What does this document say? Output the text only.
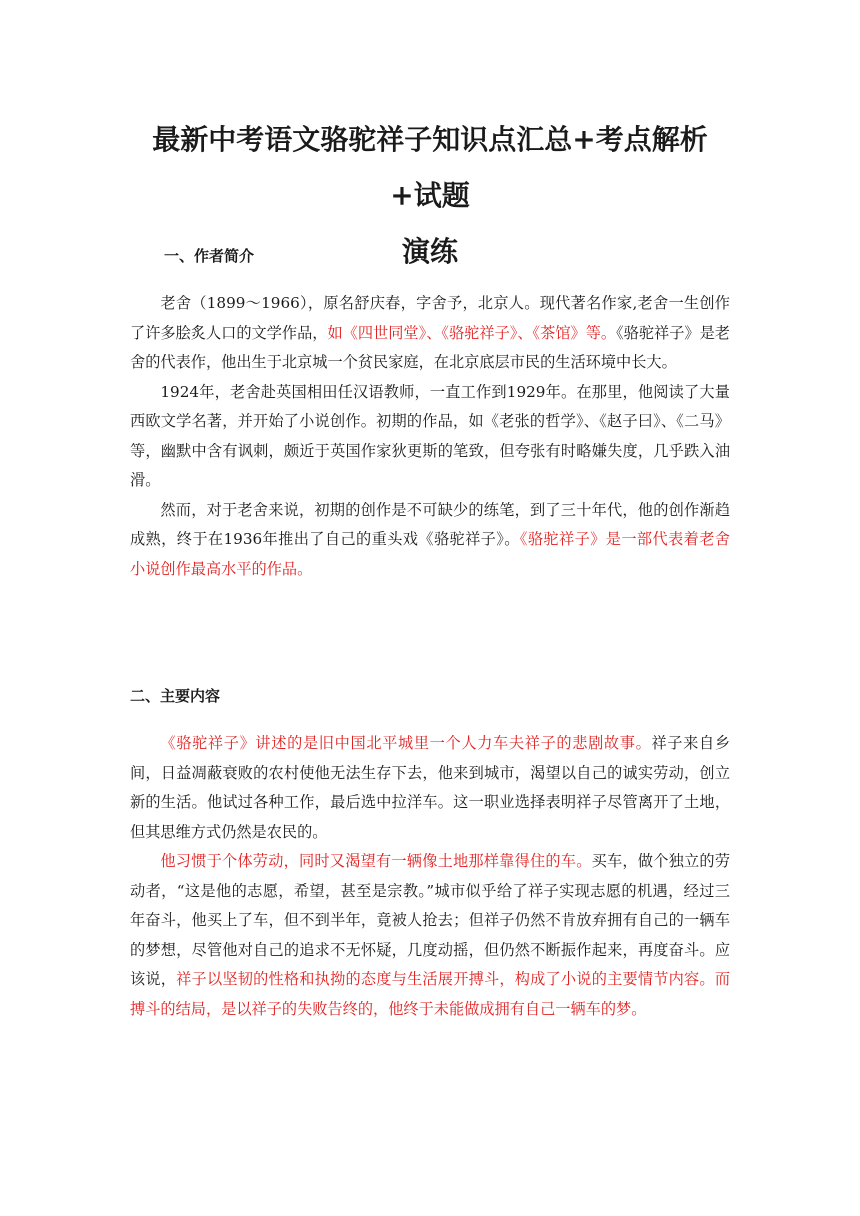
最新中考语文骆驼祥子知识点汇总+考点解析+试题
演练
一、作者简介

老舍（1899～1966），原名舒庆春，字舍予，北京人。现代著名作家,老舍一生创作了许多脍炙人口的文学作品，如《四世同堂》、《骆驼祥子》、《茶馆》等。《骆驼祥子》是老舍的代表作，他出生于北京城一个贫民家庭，在北京底层市民的生活环境中长大。

1924年，老舍赴英国相田任汉语教师，一直工作到1929年。在那里，他阅读了大量西欧文学名著，并开始了小说创作。初期的作品，如《老张的哲学》、《赵子曰》、《二马》等，幽默中含有讽刺，颇近于英国作家狄更斯的笔致，但夸张有时略嫌失度，几乎跌入油滑。

然而，对于老舍来说，初期的创作是不可缺少的练笔，到了三十年代，他的创作渐趋成熟，终于在1936年推出了自己的重头戏《骆驼祥子》。《骆驼祥子》是一部代表着老舍小说创作最高水平的作品。

二、主要内容

《骆驼祥子》讲述的是旧中国北平城里一个人力车夫祥子的悲剧故事。祥子来自乡间，日益凋蔽衰败的农村使他无法生存下去，他来到城市，渴望以自己的诚实劳动，创立新的生活。他试过各种工作，最后选中拉洋车。这一职业选择表明祥子尽管离开了土地，但其思维方式仍然是农民的。

他习惯于个体劳动，同时又渴望有一辆像土地那样靠得住的车。买车，做个独立的劳动者，“这是他的志愿，希望，甚至是宗教。”城市似乎给了祥子实现志愿的机遇，经过三年奋斗，他买上了车，但不到半年，竟被人抢去；但祥子仍然不肯放弃拥有自己的一辆车的梦想，尽管他对自己的追求不无怀疑，几度动摇，但仍然不断振作起来，再度奋斗。应该说，祥子以坚韧的性格和执拗的态度与生活展开搏斗，构成了小说的主要情节内容。而搏斗的结局，是以祥子的失败告终的，他终于未能做成拥有自己一辆车的梦。
